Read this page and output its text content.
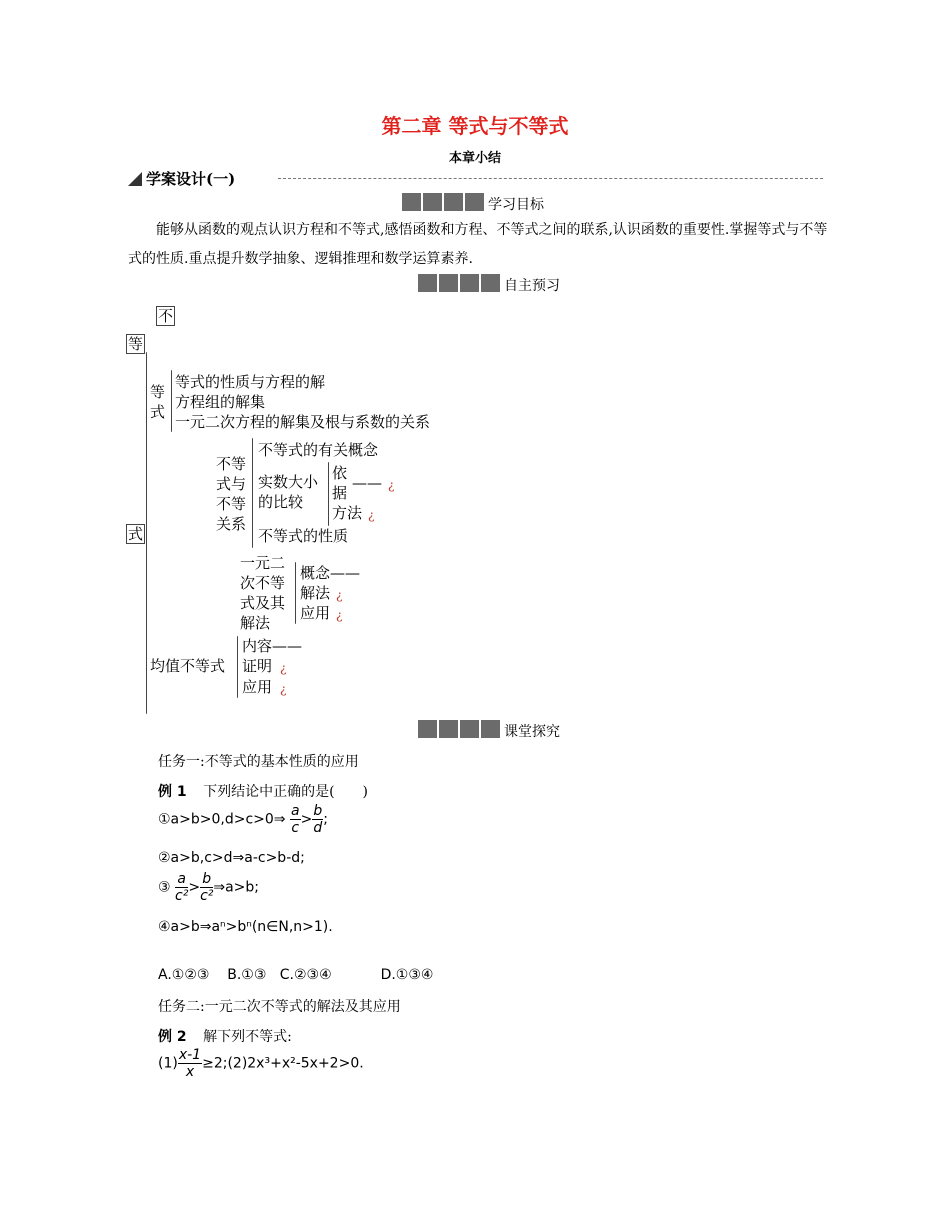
第二章 等式与不等式
本章小结
学案设计(一)
学习目标
能够从函数的观点认识方程和不等式,感悟函数和方程、不等式之间的联系,认识函数的重要性.掌握等式与不等式的性质.重点提升数学抽象、逻辑推理和数学运算素养.
自主预习
不
等
式
等
式
等式的性质与方程的解
方程组的解集
一元二次方程的解集及根与系数的关系
不等
式与
不等
关系
不等式的有关概念
实数大小
的比较
依
据
—— ¿
方法 ¿
不等式的性质
一元二
次不等
式及其
解法
概念——
解法 ¿
应用 ¿
均值不等式
内容——
证明 ¿
应用 ¿
课堂探究
任务一:不等式的基本性质的应用
例 1 下列结论中正确的是(　　)
①a>b>0,d>c>0⇒ $\frac{a}{c} > \frac{b}{d}$ ;
②a>b,c>d⇒a-c>b-d;
③ $\frac{a}{\text{c²}} > \frac{b}{\text{c²}}$ ⇒a>b;
④a>b⇒aⁿ>bⁿ(n∈N,n>1).
A.①②③    B.①③   C.②③④           D.①③④
任务二:一元二次不等式的解法及其应用
例 2 解下列不等式:
$(1) \frac{x-1}{x}$ ≥2;(2)2x³+x²-5x+2>0.
